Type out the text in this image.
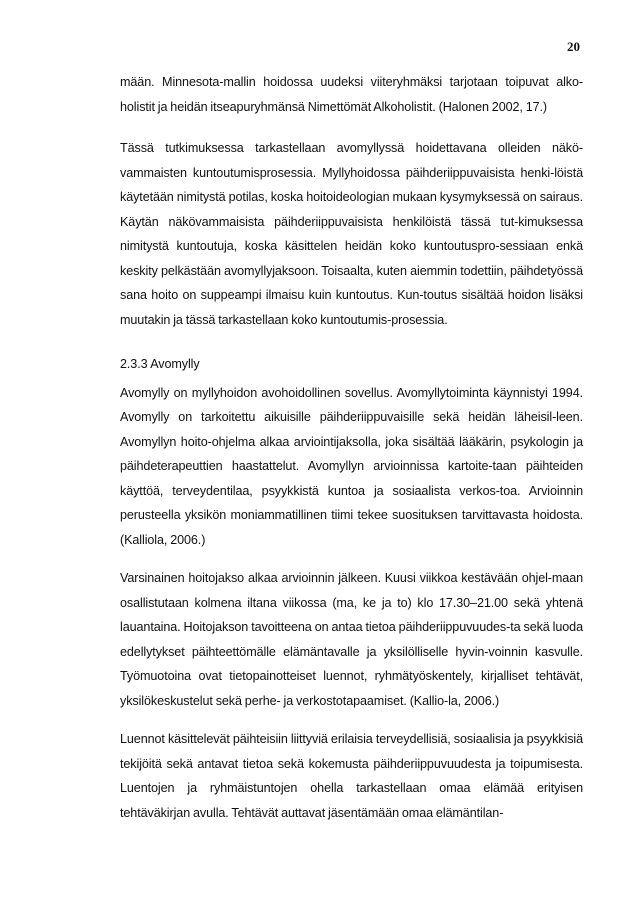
20

mään. Minnesota-mallin hoidossa uudeksi viiteryhmäksi tarjotaan toipuvat alko-holistit ja heidän itseapuryhmänsä Nimettömät Alkoholistit. (Halonen 2002, 17.)

Tässä tutkimuksessa tarkastellaan avomyllyssä hoidettavana olleiden näkö-vammaisten kuntoutumisprosessia. Myllyhoidossa päihderiippuvaisista henki-löistä käytetään nimitystä potilas, koska hoitoideologian mukaan kysymyksessä on sairaus. Käytän näkövammaisista päihderiippuvaisista henkilöistä tässä tut-kimuksessa nimitystä kuntoutuja, koska käsittelen heidän koko kuntoutuspro-sessiaan enkä keskity pelkästään avomyllyjaksoon. Toisaalta, kuten aiemmin todettiin, päihdetyössä sana hoito on suppeampi ilmaisu kuin kuntoutus. Kun-toutus sisältää hoidon lisäksi muutakin ja tässä tarkastellaan koko kuntoutumis-prosessia.

2.3.3 Avomylly

Avomylly on myllyhoidon avohoidollinen sovellus. Avomyllytoiminta käynnistyi 1994. Avomylly on tarkoitettu aikuisille päihderiippuvaisille sekä heidän läheisil-leen. Avomyllyn hoito-ohjelma alkaa arviointijaksolla, joka sisältää lääkärin, psykologin ja päihdeterapeuttien haastattelut. Avomyllyn arvioinnissa kartoite-taan päihteiden käyttöä, terveydentilaa, psyykkistä kuntoa ja sosiaalista verkos-toa. Arvioinnin perusteella yksikön moniammatillinen tiimi tekee suosituksen tarvittavasta hoidosta. (Kalliola, 2006.)

Varsinainen hoitojakso alkaa arvioinnin jälkeen. Kuusi viikkoa kestävään ohjel-maan osallistutaan kolmena iltana viikossa (ma, ke ja to) klo 17.30–21.00 sekä yhtenä lauantaina. Hoitojakson tavoitteena on antaa tietoa päihderiippuvuudes-ta sekä luoda edellytykset päihteettömälle elämäntavalle ja yksilölliselle hyvin-voinnin kasvulle. Työmuotoina ovat tietopainotteiset luennot, ryhmätyöskentely, kirjalliset tehtävät, yksilökeskustelut sekä perhe- ja verkostotapaamiset. (Kallio-la, 2006.)

Luennot käsittelevät päihteisiin liittyviä erilaisia terveydellisiä, sosiaalisia ja psyykkisiä tekijöitä sekä antavat tietoa sekä kokemusta päihderiippuvuudesta ja toipumisesta. Luentojen ja ryhmäistuntojen ohella tarkastellaan omaa elämää erityisen tehtäväkirjan avulla. Tehtävät auttavat jäsentämään omaa elämäntilan-
